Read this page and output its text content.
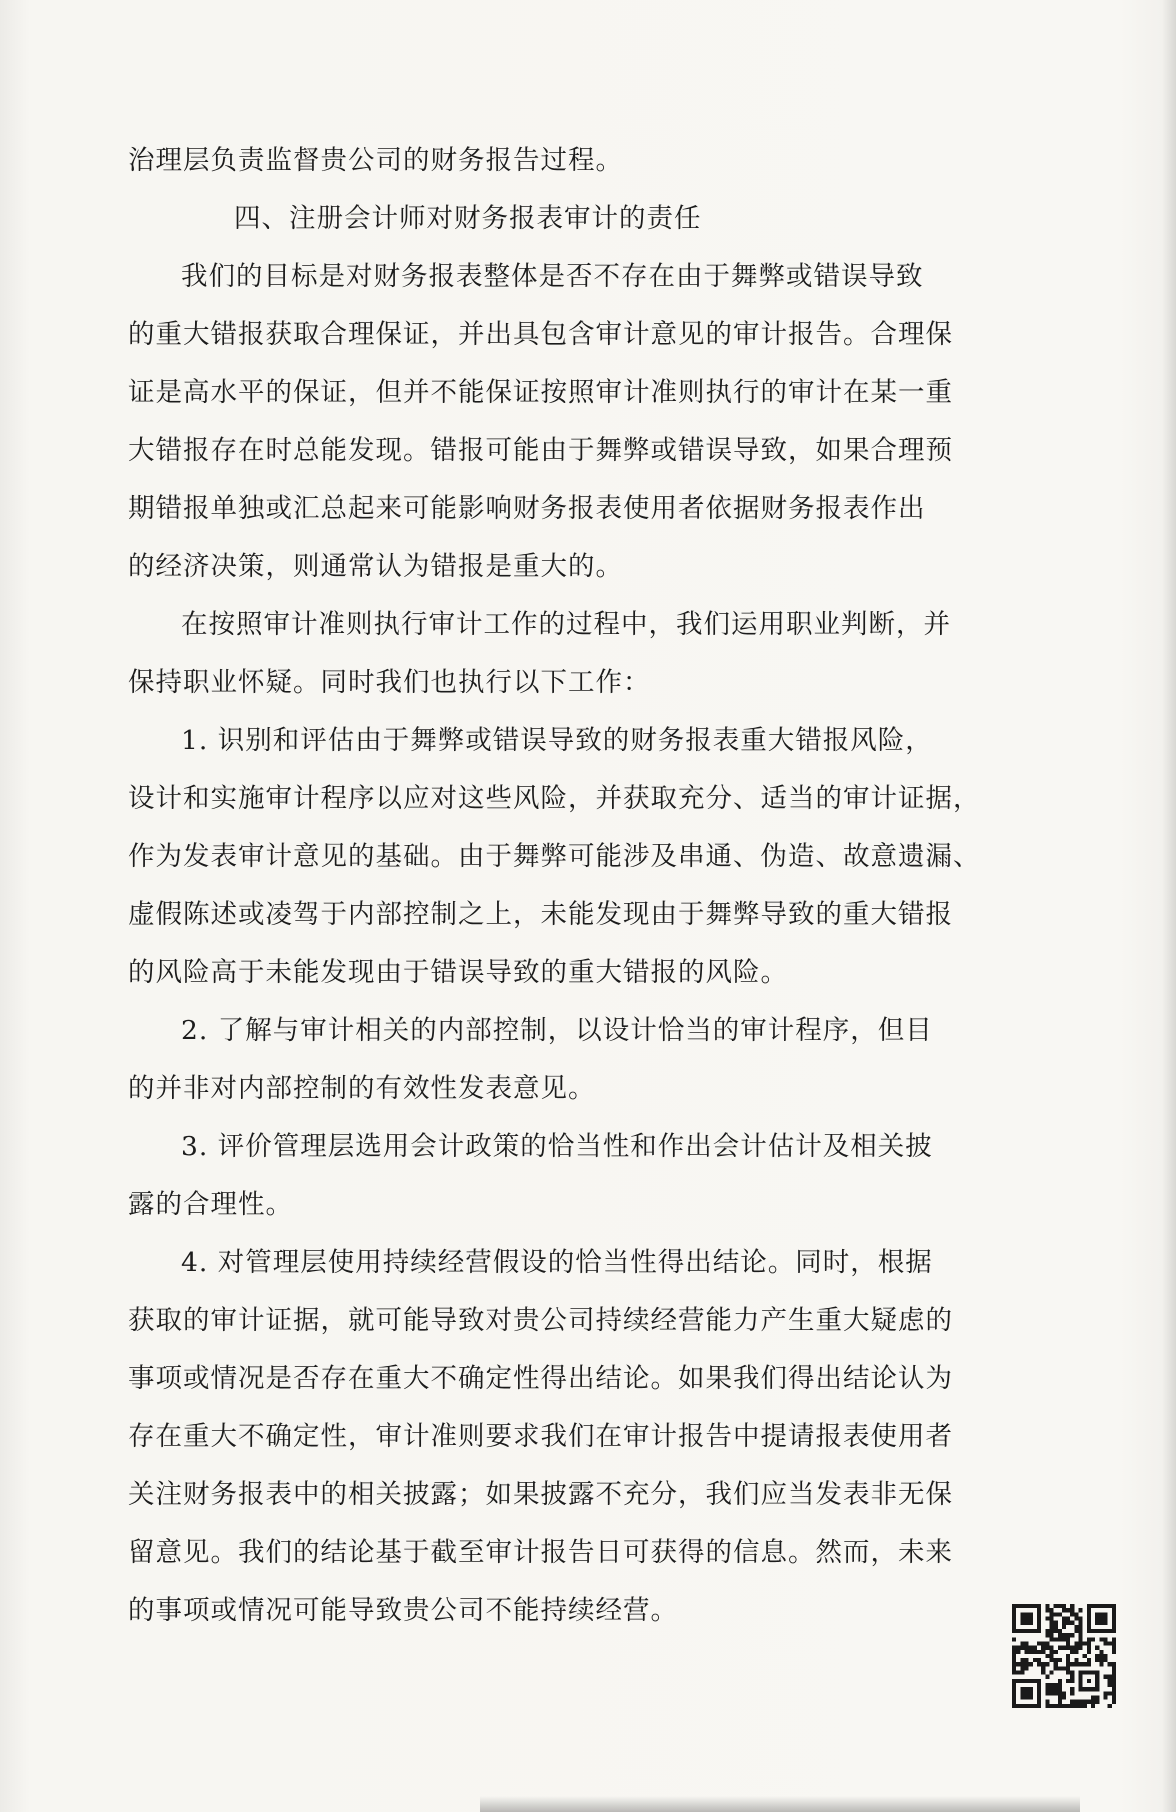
治理层负责监督贵公司的财务报告过程。

四、注册会计师对财务报表审计的责任

我们的目标是对财务报表整体是否不存在由于舞弊或错误导致
的重大错报获取合理保证，并出具包含审计意见的审计报告。合理保
证是高水平的保证，但并不能保证按照审计准则执行的审计在某一重
大错报存在时总能发现。错报可能由于舞弊或错误导致，如果合理预
期错报单独或汇总起来可能影响财务报表使用者依据财务报表作出
的经济决策，则通常认为错报是重大的。

在按照审计准则执行审计工作的过程中，我们运用职业判断，并
保持职业怀疑。同时我们也执行以下工作：

1. 识别和评估由于舞弊或错误导致的财务报表重大错报风险，
设计和实施审计程序以应对这些风险，并获取充分、适当的审计证据，
作为发表审计意见的基础。由于舞弊可能涉及串通、伪造、故意遗漏、
虚假陈述或凌驾于内部控制之上，未能发现由于舞弊导致的重大错报
的风险高于未能发现由于错误导致的重大错报的风险。

2. 了解与审计相关的内部控制，以设计恰当的审计程序，但目
的并非对内部控制的有效性发表意见。

3. 评价管理层选用会计政策的恰当性和作出会计估计及相关披
露的合理性。

4. 对管理层使用持续经营假设的恰当性得出结论。同时，根据
获取的审计证据，就可能导致对贵公司持续经营能力产生重大疑虑的
事项或情况是否存在重大不确定性得出结论。如果我们得出结论认为
存在重大不确定性，审计准则要求我们在审计报告中提请报表使用者
关注财务报表中的相关披露；如果披露不充分，我们应当发表非无保
留意见。我们的结论基于截至审计报告日可获得的信息。然而，未来
的事项或情况可能导致贵公司不能持续经营。
